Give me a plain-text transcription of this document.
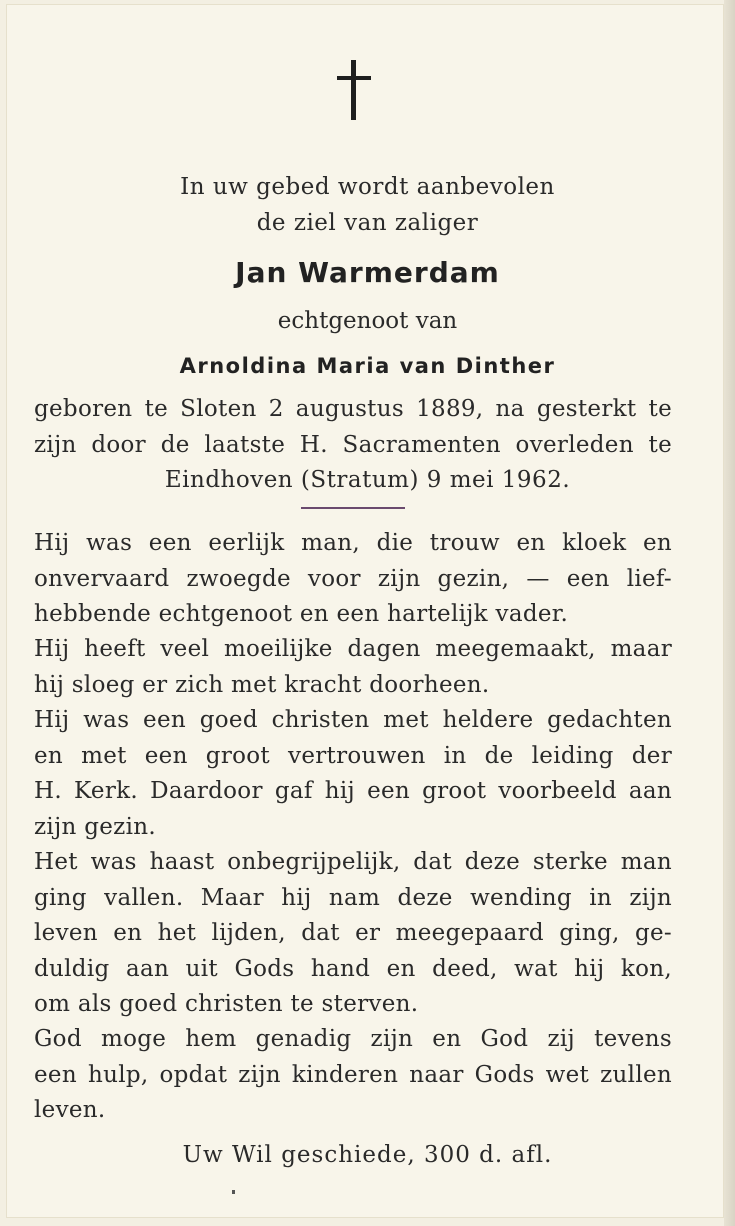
In uw gebed wordt aanbevolen
de ziel van zaliger
Jan Warmerdam
echtgenoot van
Arnoldina Maria van Dinther
geboren te Sloten 2 augustus 1889, na gesterkt te
zijn door de laatste H. Sacramenten overleden te
Eindhoven (Stratum) 9 mei 1962.
Hij was een eerlijk man, die trouw en kloek en
onvervaard zwoegde voor zijn gezin, — een lief-
hebbende echtgenoot en een hartelijk vader.
Hij heeft veel moeilijke dagen meegemaakt, maar
hij sloeg er zich met kracht doorheen.
Hij was een goed christen met heldere gedachten
en met een groot vertrouwen in de leiding der
H. Kerk. Daardoor gaf hij een groot voorbeeld aan
zijn gezin.
Het was haast onbegrijpelijk, dat deze sterke man
ging vallen. Maar hij nam deze wending in zijn
leven en het lijden, dat er meegepaard ging, ge-
duldig aan uit Gods hand en deed, wat hij kon,
om als goed christen te sterven.
God moge hem genadig zijn en God zij tevens
een hulp, opdat zijn kinderen naar Gods wet zullen
leven.
Uw Wil geschiede, 300 d. afl.
